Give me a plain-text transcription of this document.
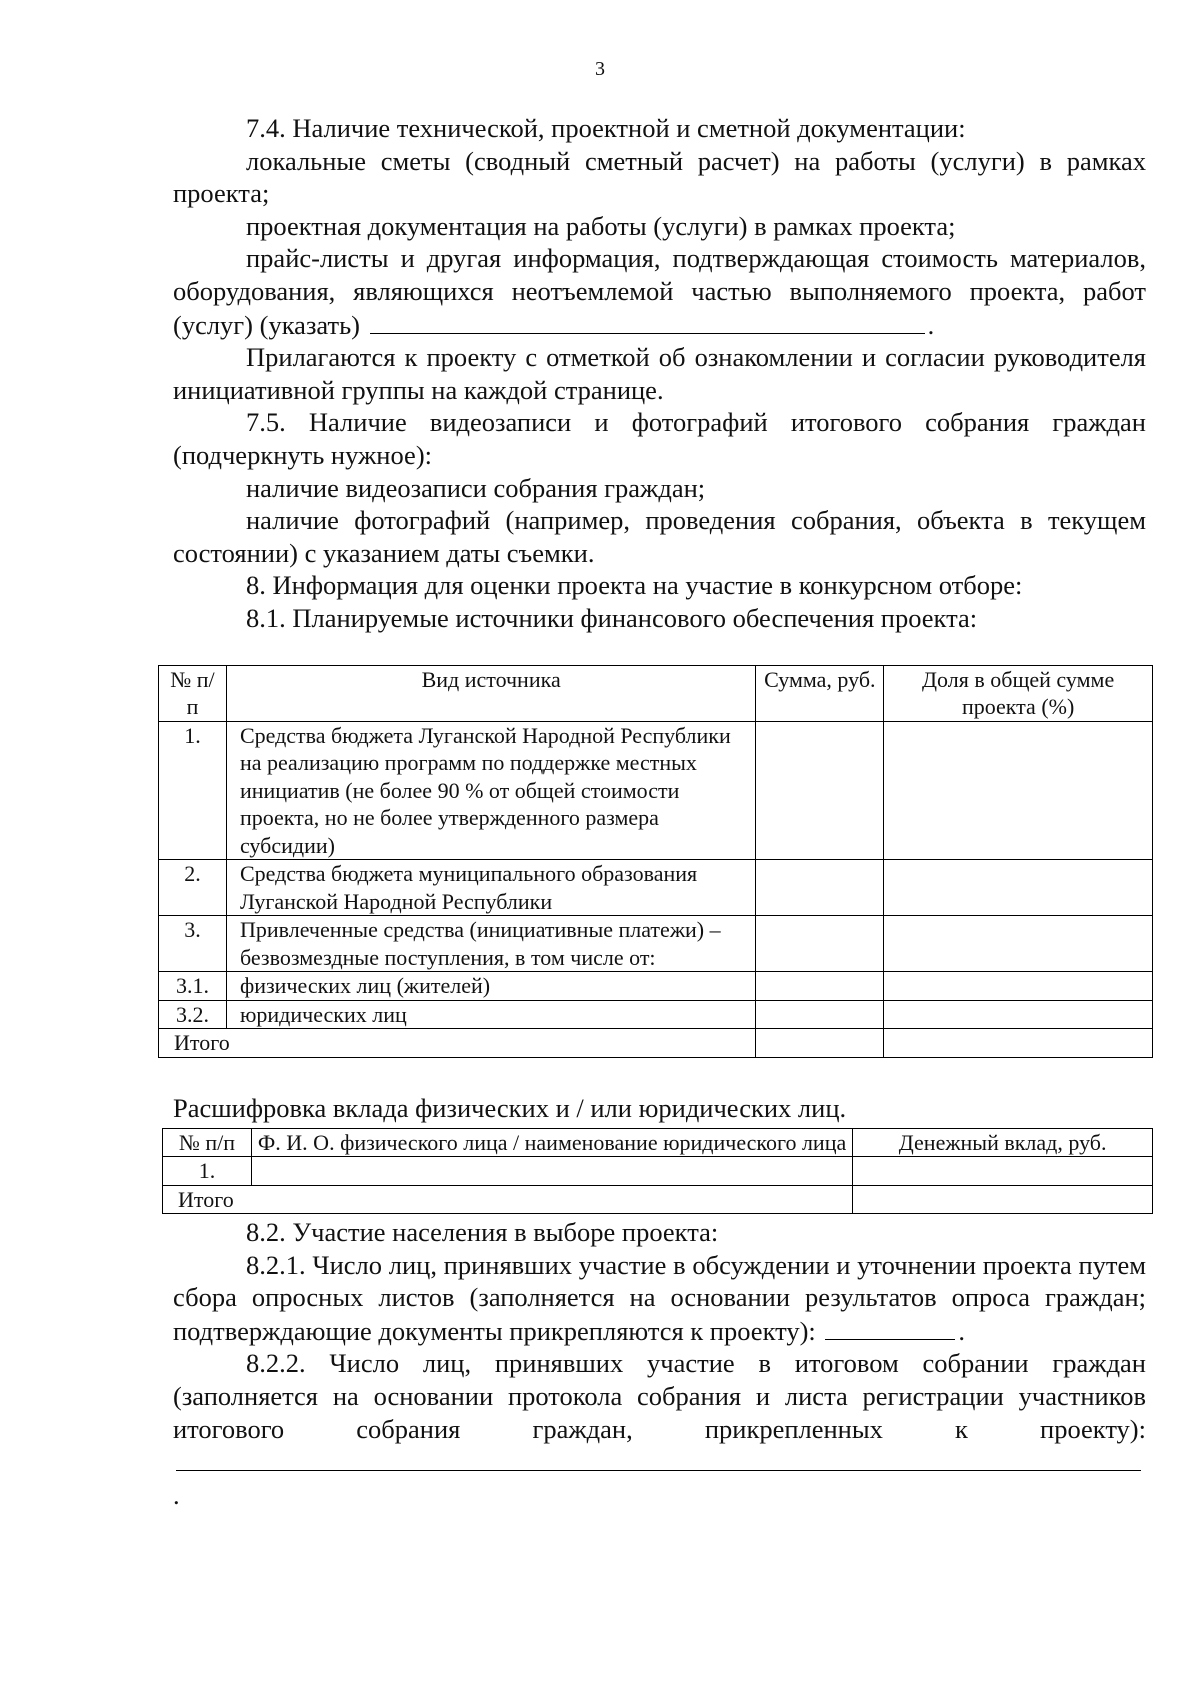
3

7.4. Наличие технической, проектной и сметной документации:

локальные сметы (сводный сметный расчет) на работы (услуги) в рамках проекта;

проектная документация на работы (услуги) в рамках проекта;

прайс-листы и другая информация, подтверждающая стоимость материалов, оборудования, являющихся неотъемлемой частью выполняемого проекта, работ (услуг) (указать)	.

Прилагаются к проекту с отметкой об ознакомлении и согласии руководителя инициативной группы на каждой странице.

7.5. Наличие видеозаписи и фотографий итогового собрания граждан (подчеркнуть нужное):

наличие видеозаписи собрания граждан;

наличие фотографий (например, проведения собрания, объекта в текущем состоянии) с указанием даты съемки.

8. Информация для оценки проекта на участие в конкурсном отборе:

8.1. Планируемые источники финансового обеспечения проекта:

№ п/п	Вид источника	Сумма, руб.	Доля в общей сумме проекта (%)
1.	Средства бюджета Луганской Народной Республики на реализацию программ по поддержке местных инициатив (не более 90 % от общей стоимости проекта, но не более утвержденного размера субсидии)		
2.	Средства бюджета муниципального образования Луганской Народной Республики		
3.	Привлеченные средства (инициативные платежи) – безвозмездные поступления, в том числе от:		
3.1.	физических лиц (жителей)		
3.2.	юридических лиц		
Итого			

Расшифровка вклада физических и / или юридических лиц.

№ п/п	Ф. И. О. физического лица / наименование юридического лица	Денежный вклад, руб.
1.		
Итого		

8.2. Участие населения в выборе проекта:

8.2.1. Число лиц, принявших участие в обсуждении и уточнении проекта путем сбора опросных листов (заполняется на основании результатов опроса граждан; подтверждающие документы прикрепляются к проекту):	.

8.2.2. Число лиц, принявших участие в итоговом собрании граждан (заполняется на основании протокола собрания и листа регистрации участников итогового собрания граждан, прикрепленных к проекту): .
